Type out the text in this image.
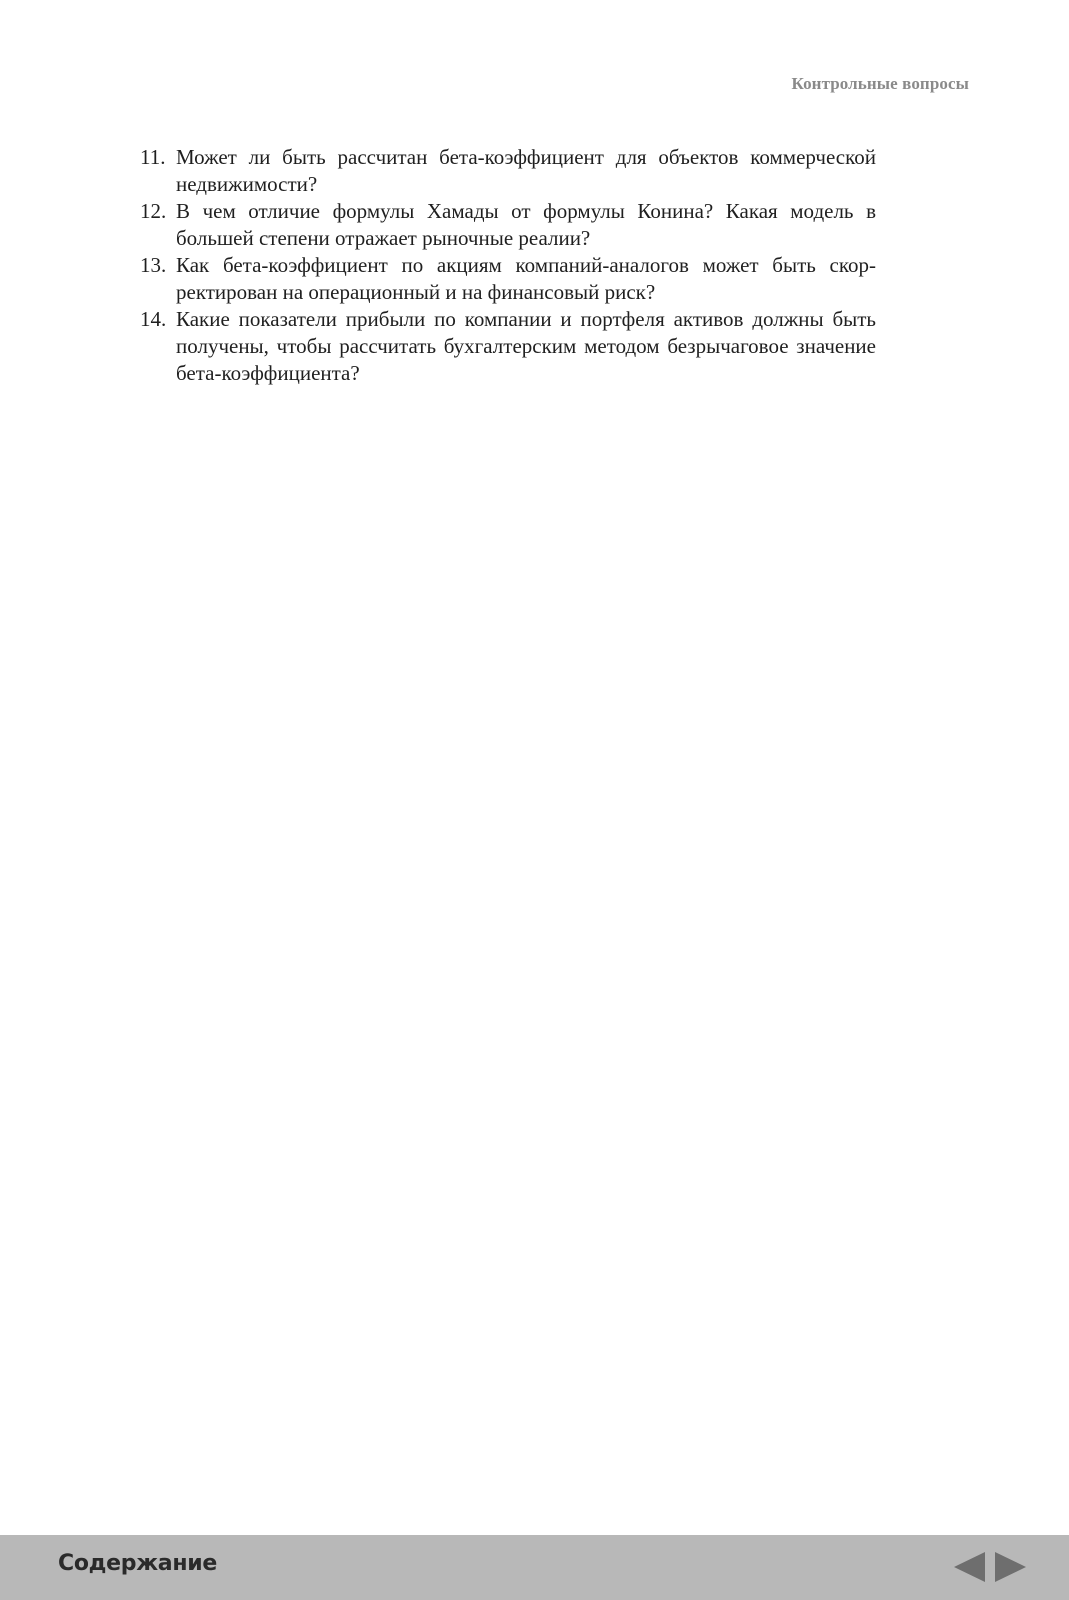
Контрольные вопросы
11. Может ли быть рассчитан бета-коэффициент для объектов коммерческой недвижимости?
12. В чем отличие формулы Хамады от формулы Конина? Какая модель в большей степени отражает рыночные реалии?
13. Как бета-коэффициент по акциям компаний-аналогов может быть скорректирован на операционный и на финансовый риск?
14. Какие показатели прибыли по компании и портфеля активов должны быть получены, чтобы рассчитать бухгалтерским методом безрычаговое значение бета-коэффициента?
Содержание
